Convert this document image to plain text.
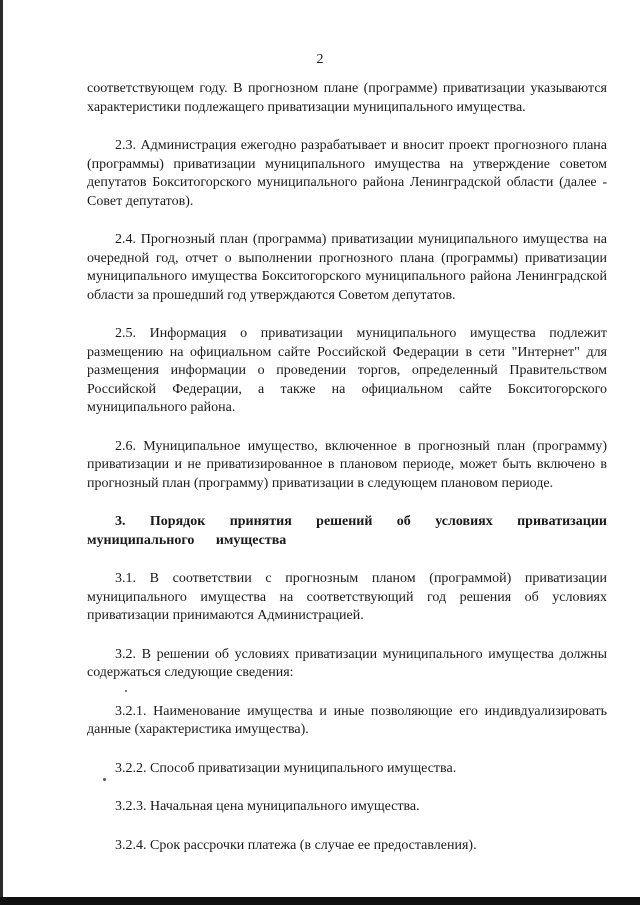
2

соответствующем году. В прогнозном плане (программе) приватизации указываются характеристики подлежащего приватизации муниципального имущества.

2.3. Администрация ежегодно разрабатывает и вносит проект прогнозного плана (программы) приватизации муниципального имущества на утверждение советом депутатов Бокситогорского муниципального района Ленинградской области (далее - Совет депутатов).

2.4. Прогнозный план (программа) приватизации муниципального имущества на очередной год, отчет о выполнении прогнозного плана (программы) приватизации муниципального имущества Бокситогорского муниципального района Ленинградской области за прошедший год утверждаются Советом депутатов.

2.5. Информация о приватизации муниципального имущества подлежит размещению на официальном сайте Российской Федерации в сети "Интернет" для размещения информации о проведении торгов, определенный Правительством Российской Федерации, а также на официальном сайте Бокситогорского муниципального района.

2.6. Муниципальное имущество, включенное в прогнозный план (программу) приватизации и не приватизированное в плановом периоде, может быть включено в прогнозный план (программу) приватизации в следующем плановом периоде.

3. Порядок принятия решений об условиях приватизации муниципального имущества

3.1. В соответствии с прогнозным планом (программой) приватизации муниципального имущества на соответствующий год решения об условиях приватизации принимаются Администрацией.

3.2. В решении об условиях приватизации муниципального имущества должны содержаться следующие сведения:

3.2.1. Наименование имущества и иные позволяющие его индивдуализировать данные (характеристика имущества).

3.2.2. Способ приватизации муниципального имущества.

3.2.3. Начальная цена муниципального имущества.

3.2.4. Срок рассрочки платежа (в случае ее предоставления).
